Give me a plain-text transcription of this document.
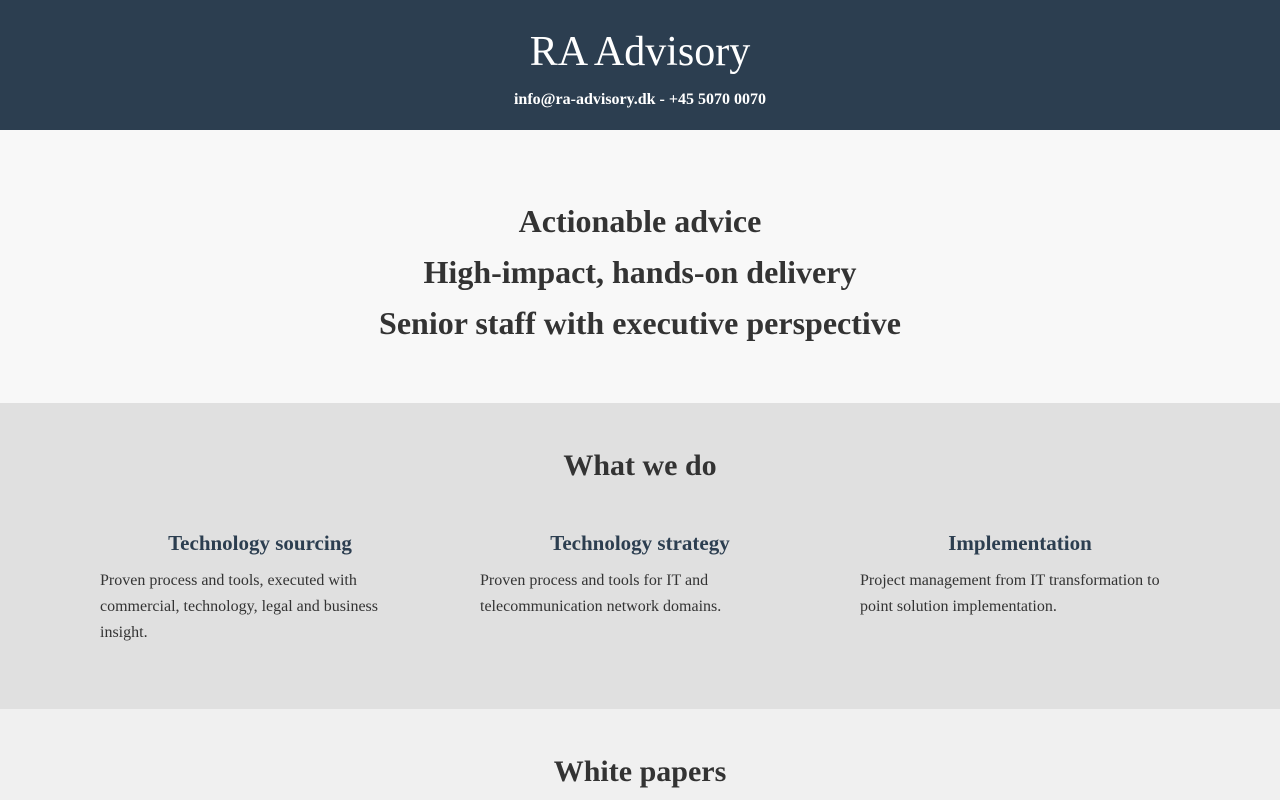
RA Advisory
info@ra-advisory.dk - +45 5070 0070
Actionable advice
High-impact, hands-on delivery
Senior staff with executive perspective
What we do
Technology sourcing

Proven process and tools, executed with commercial, technology, legal and business insight.

Technology strategy

Proven process and tools for IT and telecommunication network domains.

Implementation

Project management from IT transformation to point solution implementation.

White papers
